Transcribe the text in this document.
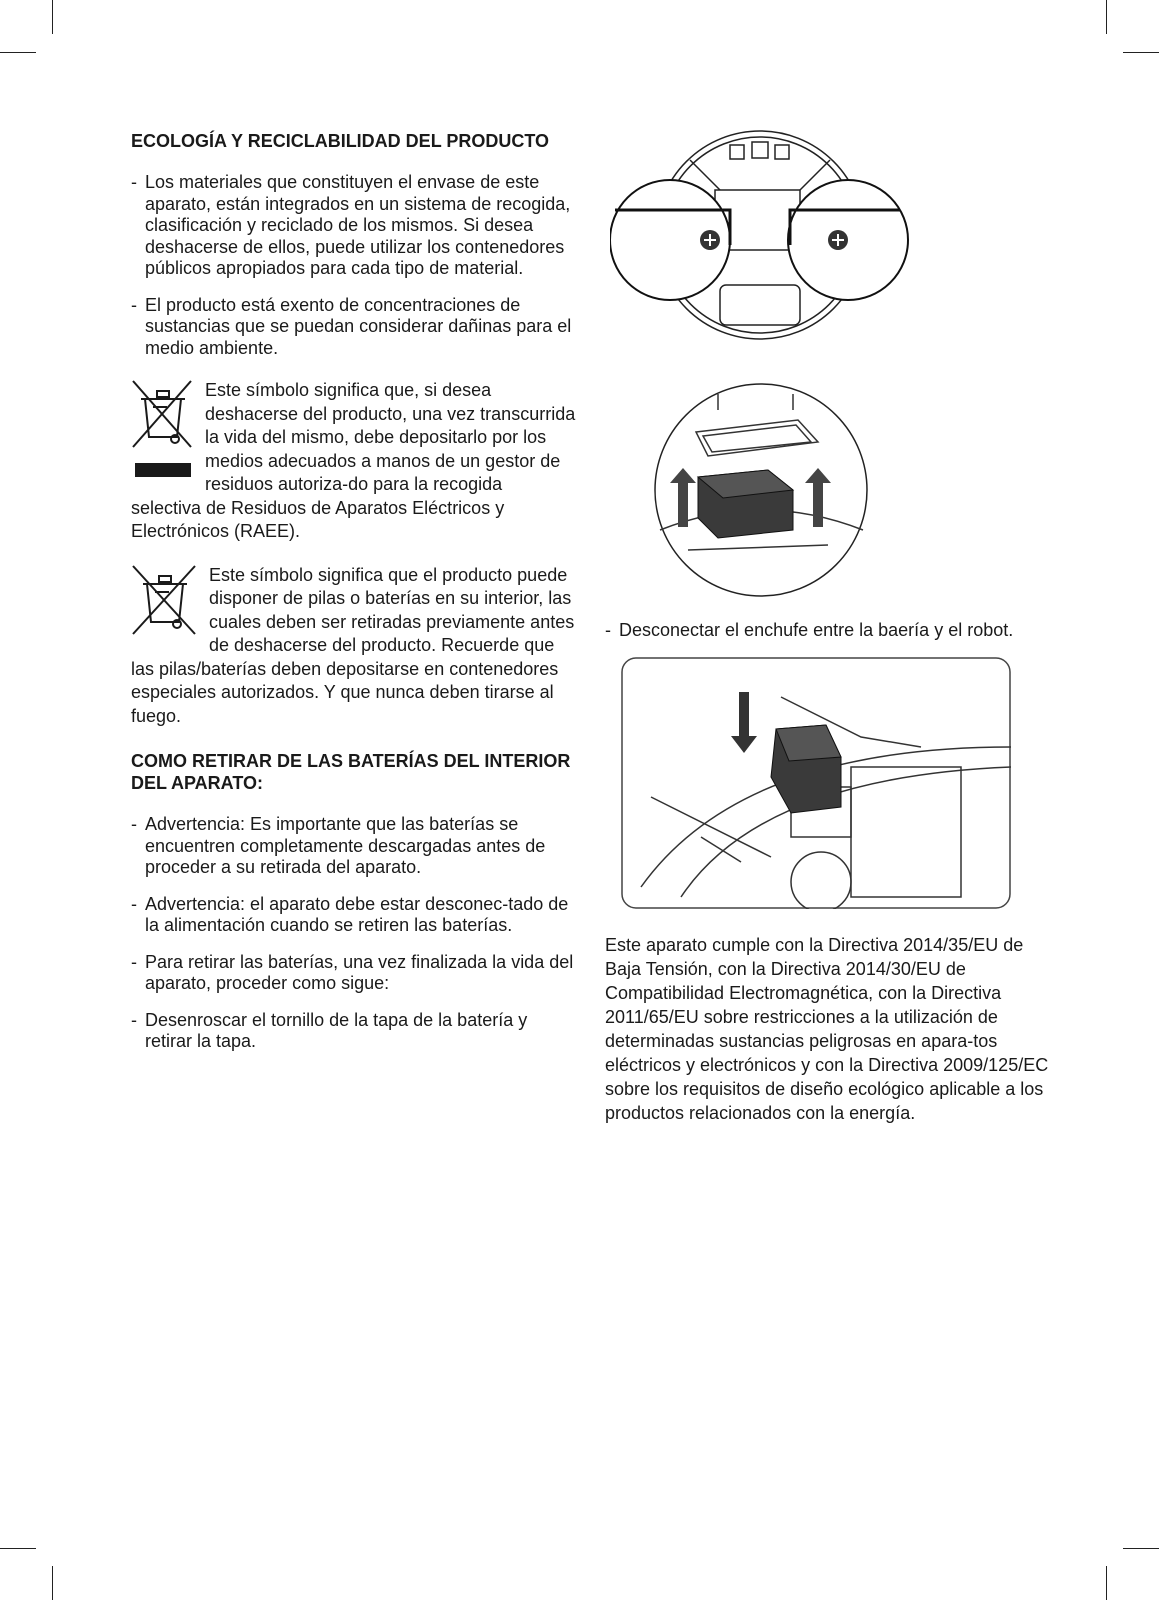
ECOLOGÍA Y RECICLABILIDAD DEL PRODUCTO
- Los materiales que constituyen el envase de este aparato, están integrados en un sistema de recogida, clasificación y reciclado de los mismos. Si desea deshacerse de ellos, puede utilizar los contenedores públicos apropiados para cada tipo de material.
- El producto está exento de concentraciones de sustancias que se puedan considerar dañinas para el medio ambiente.

Este símbolo significa que, si desea deshacerse del producto, una vez transcurrida la vida del mismo, debe depositarlo por los medios adecuados a manos de un gestor de residuos autoriza-do para la recogida selectiva de Residuos de Aparatos Eléctricos y Electrónicos (RAEE).

Este símbolo significa que el producto puede disponer de pilas o baterías en su interior, las cuales deben ser retiradas previamente antes de deshacerse del producto. Recuerde que las pilas/baterías deben depositarse en contenedores especiales autorizados. Y que nunca deben tirarse al fuego.

COMO RETIRAR DE LAS BATERÍAS DEL INTERIOR DEL APARATO:
- Advertencia: Es importante que las baterías se encuentren completamente descargadas antes de proceder a su retirada del aparato.
- Advertencia: el aparato debe estar desconec-tado de la alimentación cuando se retiren las baterías.
- Para retirar las baterías, una vez finalizada la vida del aparato, proceder como sigue:
- Desenroscar el tornillo de la tapa de la batería y retirar la tapa.
- Desconectar el enchufe entre la baería y el robot.

Este aparato cumple con la Directiva 2014/35/EU de Baja Tensión, con la Directiva 2014/30/EU de Compatibilidad Electromagnética, con la Directiva 2011/65/EU sobre restricciones a la utilización de determinadas sustancias peligrosas en apara-tos eléctricos y electrónicos y con la Directiva 2009/125/EC sobre los requisitos de diseño ecológico aplicable a los productos relacionados con la energía.
